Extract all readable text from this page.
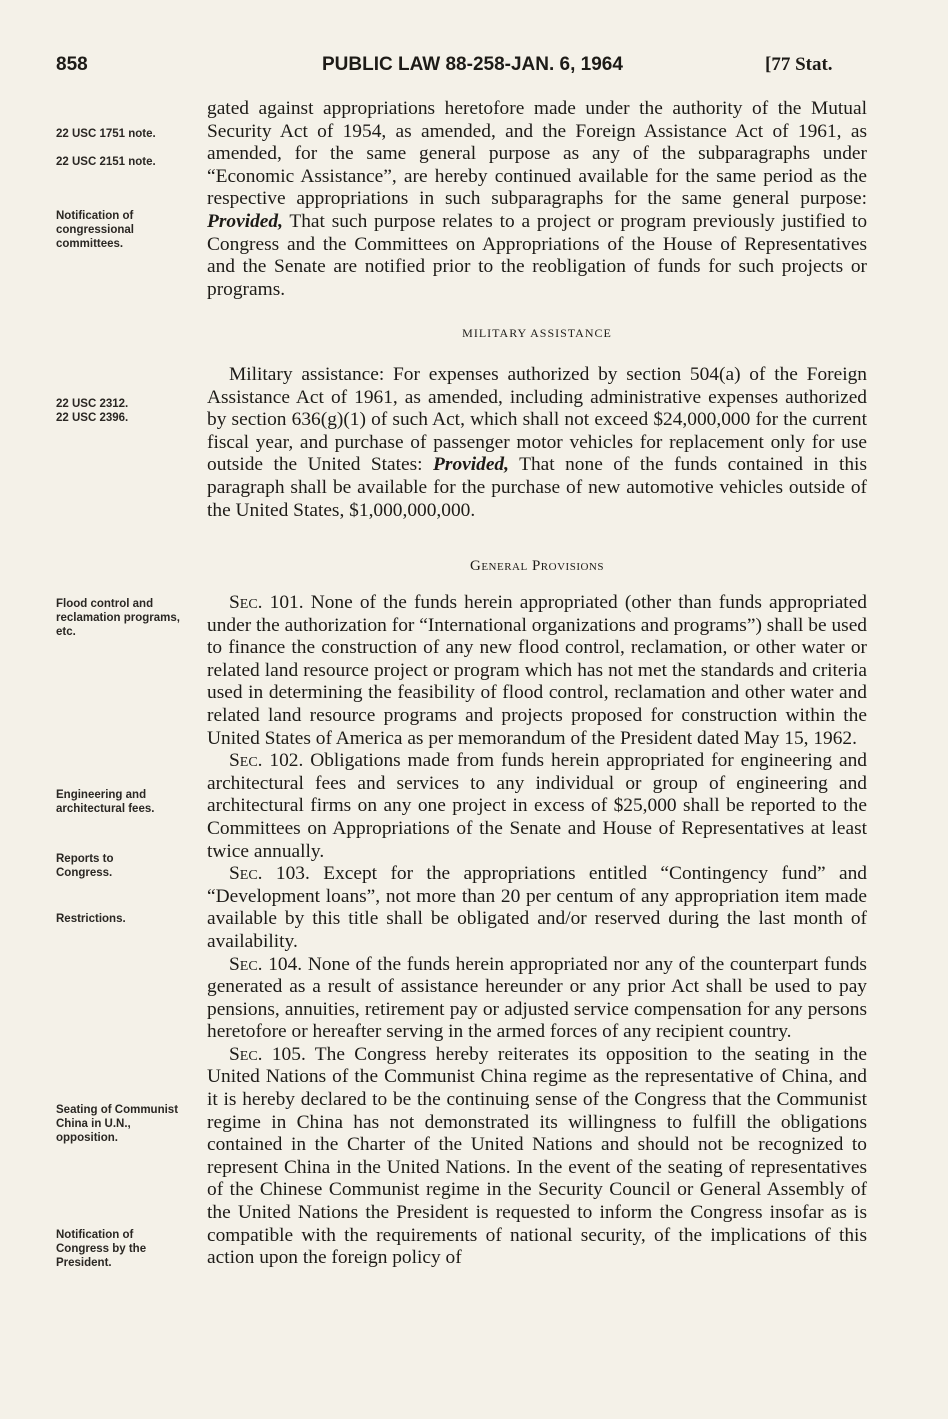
858	PUBLIC LAW 88-258-JAN. 6, 1964	[77 Stat.
22 USC 1751 note.
22 USC 2151 note.
Notification of congressional committees.
22 USC 2312.
22 USC 2396.
Flood control and reclamation programs, etc.
Engineering and architectural fees.
Reports to Congress.
Restrictions.
Seating of Communist China in U.N., opposition.
Notification of Congress by the President.

gated against appropriations heretofore made under the authority of the Mutual Security Act of 1954, as amended, and the Foreign Assistance Act of 1961, as amended, for the same general purpose as any of the subparagraphs under “Economic Assistance”, are hereby continued available for the same period as the respective appropriations in such subparagraphs for the same general purpose: Provided, That such purpose relates to a project or program previously justified to Congress and the Committees on Appropriations of the House of Representatives and the Senate are notified prior to the reobligation of funds for such projects or programs.

MILITARY ASSISTANCE

Military assistance: For expenses authorized by section 504(a) of the Foreign Assistance Act of 1961, as amended, including administrative expenses authorized by section 636(g)(1) of such Act, which shall not exceed $24,000,000 for the current fiscal year, and purchase of passenger motor vehicles for replacement only for use outside the United States: Provided, That none of the funds contained in this paragraph shall be available for the purchase of new automotive vehicles outside of the United States, $1,000,000,000.

General Provisions

Sec. 101. None of the funds herein appropriated (other than funds appropriated under the authorization for “International organizations and programs”) shall be used to finance the construction of any new flood control, reclamation, or other water or related land resource project or program which has not met the standards and criteria used in determining the feasibility of flood control, reclamation and other water and related land resource programs and projects proposed for construction within the United States of America as per memorandum of the President dated May 15, 1962.

Sec. 102. Obligations made from funds herein appropriated for engineering and architectural fees and services to any individual or group of engineering and architectural firms on any one project in excess of $25,000 shall be reported to the Committees on Appropriations of the Senate and House of Representatives at least twice annually.

Sec. 103. Except for the appropriations entitled “Contingency fund” and “Development loans”, not more than 20 per centum of any appropriation item made available by this title shall be obligated and/or reserved during the last month of availability.

Sec. 104. None of the funds herein appropriated nor any of the counterpart funds generated as a result of assistance hereunder or any prior Act shall be used to pay pensions, annuities, retirement pay or adjusted service compensation for any persons heretofore or hereafter serving in the armed forces of any recipient country.

Sec. 105. The Congress hereby reiterates its opposition to the seating in the United Nations of the Communist China regime as the representative of China, and it is hereby declared to be the continuing sense of the Congress that the Communist regime in China has not demonstrated its willingness to fulfill the obligations contained in the Charter of the United Nations and should not be recognized to represent China in the United Nations. In the event of the seating of representatives of the Chinese Communist regime in the Security Council or General Assembly of the United Nations the President is requested to inform the Congress insofar as is compatible with the requirements of national security, of the implications of this action upon the foreign policy of
